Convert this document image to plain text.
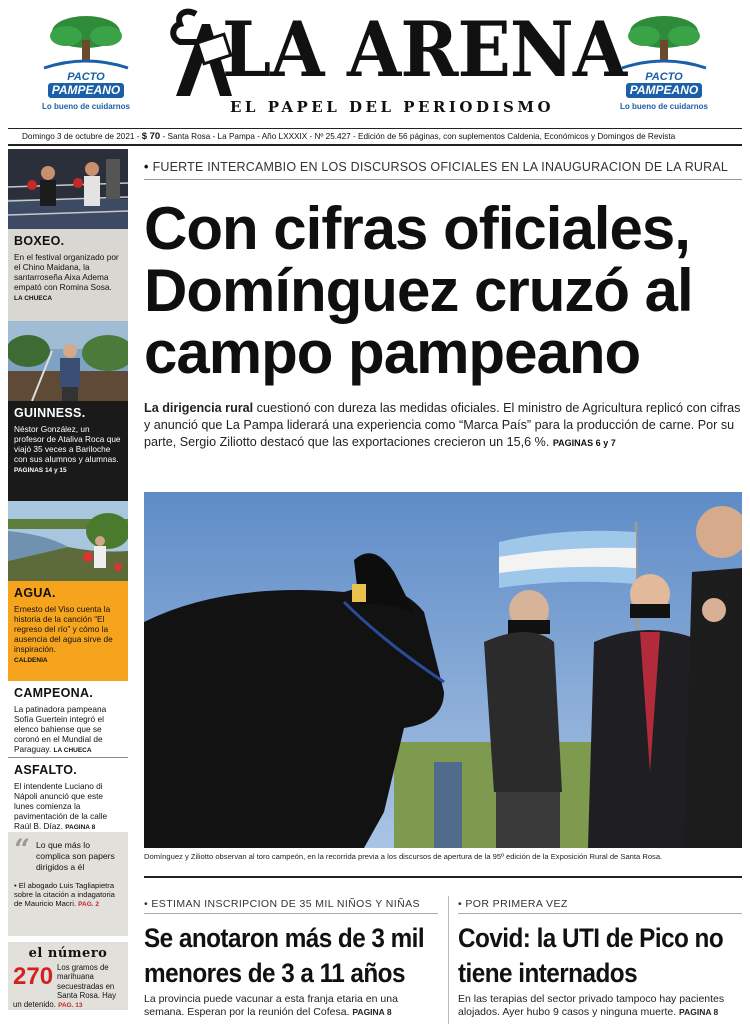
PACTO
PAMPEANO
Lo bueno de cuidarnos
LA ARENA
EL PAPEL DEL PERIODISMO
PACTO
PAMPEANO
Lo bueno de cuidarnos
Domingo 3 de octubre de 2021 - $ 70 - Santa Rosa - La Pampa - Año LXXXIX - Nº 25.427 - Edición de 56 páginas, con suplementos Caldenia, Económicos y Domingos de Revista
BOXEO.
En el festival organizado por el Chino Maidana, la santarroseña Aixa Adema empató con Romina Sosa. LA CHUECA
GUINNESS.
Néstor González, un profesor de Ataliva Roca que viajó 35 veces a Bariloche con sus alumnos y alumnas. PAGINAS 14 y 15
AGUA.
Ernesto del Viso cuenta la historia de la canción “El regreso del río” y cómo la ausencia del agua sirve de inspiración.
CALDENIA
CAMPEONA.
La patinadora pampeana Sofía Guertein integró el elenco bahiense que se coronó en el Mundial de Paraguay. LA CHUECA
ASFALTO.
El intendente Luciano di Nápoli anunció que este lunes comienza la pavimentación de la calle Raúl B. Díaz. PAGINA 8
“ Lo que más lo complica son papers dirigidos a él
• El abogado Luis Tagliapietra sobre la citación a indagatoria de Mauricio Macri. PAG. 2
el número
270 Los gramos de marihuana secuestradas en Santa Rosa. Hay un detenido. PAG. 13
• FUERTE INTERCAMBIO EN LOS DISCURSOS OFICIALES EN LA INAUGURACION DE LA RURAL
Con cifras oficiales, Domínguez cruzó al campo pampeano

La dirigencia rural cuestionó con dureza las medidas oficiales. El ministro de Agricultura replicó con cifras y anunció que La Pampa liderará una experiencia como “Marca País” para la producción de carne. Por su parte, Sergio Ziliotto destacó que las exportaciones crecieron un 15,6 %. PAGINAS 6 y 7

Domínguez y Ziliotto observan al toro campeón, en la recorrida previa a los discursos de apertura de la 95º edición de la Exposición Rural de Santa Rosa.
• ESTIMAN INSCRIPCION DE 35 MIL NIÑOS Y NIÑAS
Se anotaron más de 3 mil menores de 3 a 11 años
La provincia puede vacunar a esta franja etaria en una semana. Esperan por la reunión del Cofesa. PAGINA 8
• POR PRIMERA VEZ
Covid: la UTI de Pico no tiene internados
En las terapias del sector privado tampoco hay pacientes alojados. Ayer hubo 9 casos y ninguna muerte. PAGINA 8
